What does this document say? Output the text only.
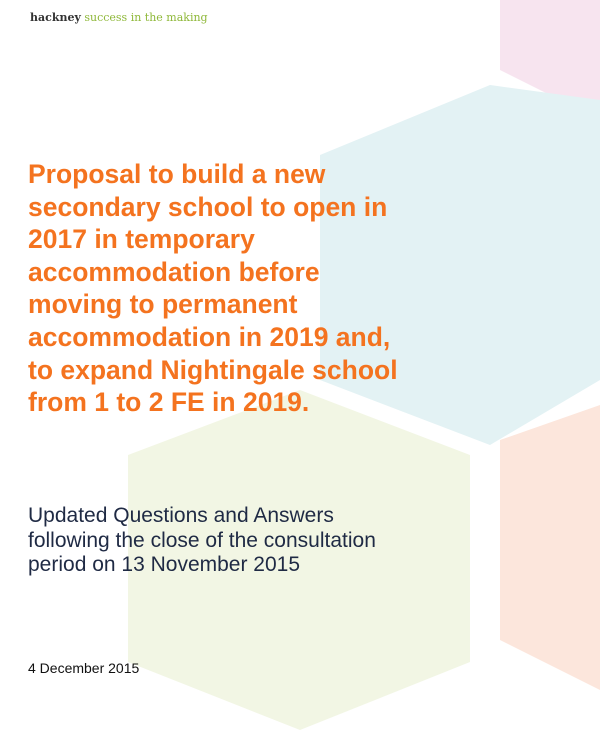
hackney success in the making
Proposal to build a new
secondary school to open in
2017 in temporary
accommodation before
moving to permanent
accommodation in 2019 and,
to expand Nightingale school
from 1 to 2 FE in 2019.

Updated Questions and Answers
following the close of the consultation
period on 13 November 2015

4 December 2015
